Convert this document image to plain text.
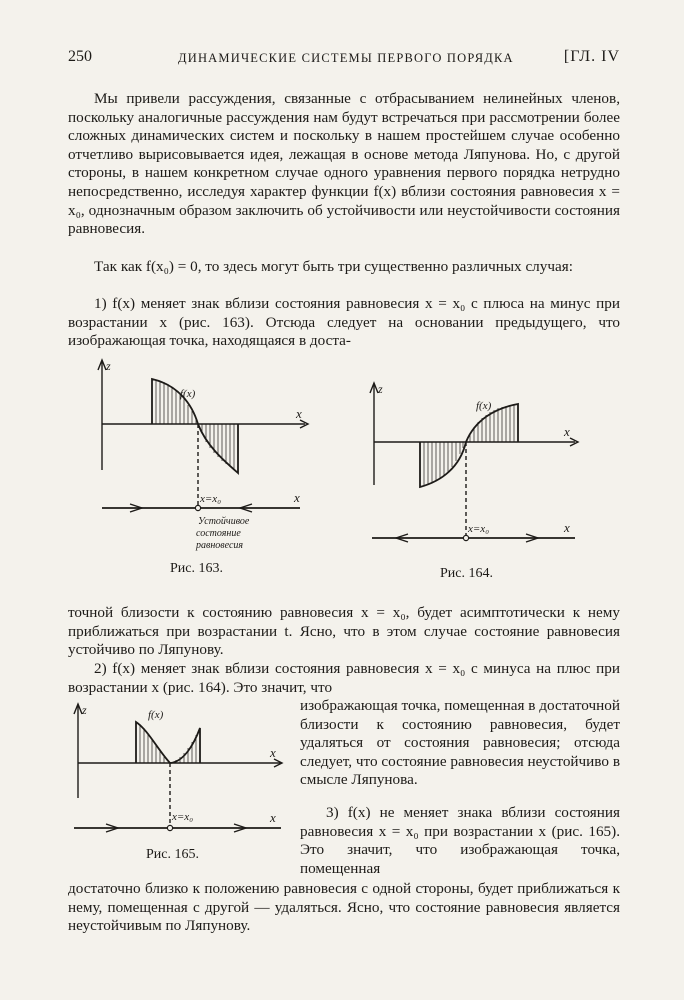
250	ДИНАМИЧЕСКИЕ СИСТЕМЫ ПЕРВОГО ПОРЯДКА	[ГЛ. IV

Мы привели рассуждения, связанные с отбрасыванием нелинейных членов, поскольку аналогичные рассуждения нам будут встречаться при рассмотрении более сложных динамических систем и поскольку в нашем простейшем случае особенно отчетливо вырисовывается идея, лежащая в основе метода Ляпунова. Но, с другой стороны, в нашем конкретном случае одного уравнения первого порядка нетрудно непосредственно, исследуя характер функции f(x) вблизи состояния равновесия x = x₀, однозначным образом заключить об устойчивости или неустойчивости состояния равновесия.

Так как f(x₀) = 0, то здесь могут быть три существенно различных случая:

1) f(x) меняет знак вблизи состояния равновесия x = x₀ с плюса на минус при возрастании x (рис. 163). Отсюда следует на основании предыдущего, что изображающая точка, находящаяся в доста-

z
x
f(x)
x=x₀	x
Устойчивое
состояние
равновесия
Рис. 163.
z
x
f(x)
x=x₀	x
Рис. 164.

точной близости к состоянию равновесия x = x₀, будет асимптотически к нему приближаться при возрастании t. Ясно, что в этом случае состояние равновесия устойчиво по Ляпунову.

2) f(x) меняет знак вблизи состояния равновесия x = x₀ с минуса на плюс при возрастании x (рис. 164). Это значит, что

z
x
f(x)
x=x₀	x
Рис. 165.

3) f(x) не меняет знака вблизи состояния равновесия x = x₀ при возрастании x (рис. 165). Это значит, что изображающая точка, помещенная

достаточно близко к положению равновесия с одной стороны, будет приближаться к нему, помещенная с другой — удаляться. Ясно, что состояние равновесия является неустойчивым по Ляпунову.

изображающая точка, помещенная в достаточной близости к состоянию равновесия, будет удаляться от состояния равновесия; отсюда следует, что состояние равновесия неустойчиво в смысле Ляпунова.
